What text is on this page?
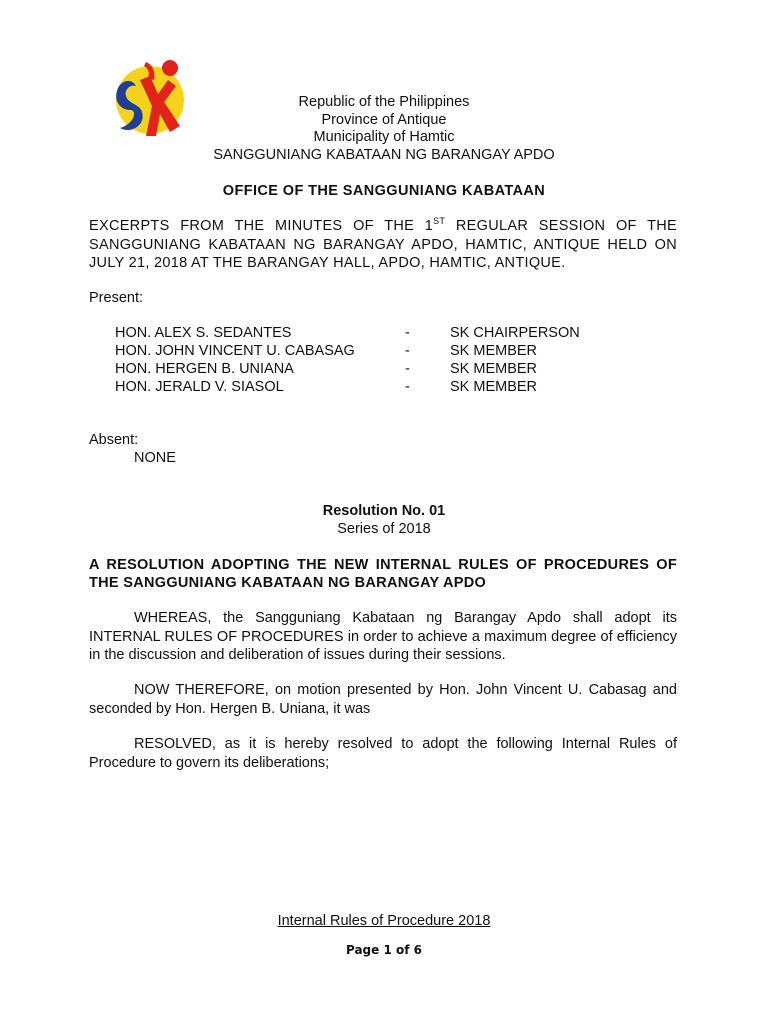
Republic of the Philippines
Province of Antique
Municipality of Hamtic
SANGGUNIANG KABATAAN NG BARANGAY APDO
OFFICE OF THE SANGGUNIANG KABATAAN

EXCERPTS FROM THE MINUTES OF THE 1ST REGULAR SESSION OF THE SANGGUNIANG KABATAAN NG BARANGAY APDO, HAMTIC, ANTIQUE HELD ON JULY 21, 2018 AT THE BARANGAY HALL, APDO, HAMTIC, ANTIQUE.

Present:
HON. ALEX S. SEDANTES	-	SK CHAIRPERSON
HON. JOHN VINCENT U. CABASAG	-	SK MEMBER
HON. HERGEN B. UNIANA	-	SK MEMBER
HON. JERALD V. SIASOL	-	SK MEMBER
Absent:
NONE
Resolution No. 01
Series of 2018
A RESOLUTION ADOPTING THE NEW INTERNAL RULES OF PROCEDURES OF THE SANGGUNIANG KABATAAN NG BARANGAY APDO
WHEREAS, the Sangguniang Kabataan ng Barangay Apdo shall adopt its INTERNAL RULES OF PROCEDURES in order to achieve a maximum degree of efficiency in the discussion and deliberation of issues during their sessions.
NOW THEREFORE, on motion presented by Hon. John Vincent U. Cabasag and seconded by Hon. Hergen B. Uniana, it was
RESOLVED, as it is hereby resolved to adopt the following Internal Rules of Procedure to govern its deliberations;
Internal Rules of Procedure 2018
Page 1 of 6
